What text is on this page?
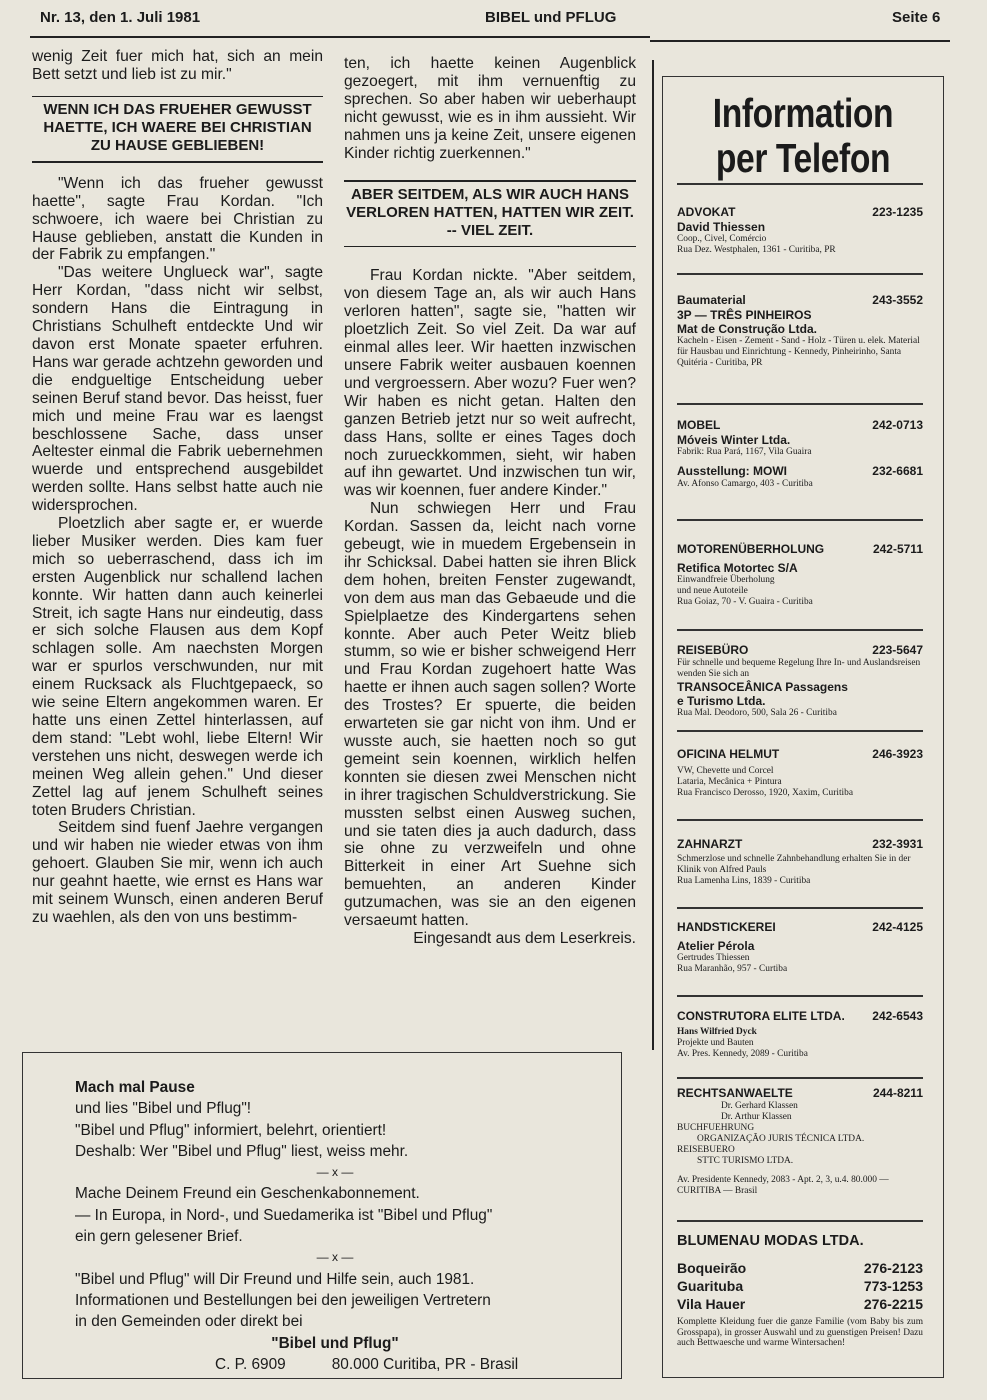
Nr. 13, den 1. Juli 1981	BIBEL und PFLUG	Seite 6

wenig Zeit fuer mich hat, sich an mein Bett setzt und lieb ist zu mir."

WENN ICH DAS FRUEHER GEWUSST HAETTE, ICH WAERE BEI CHRISTIAN ZU HAUSE GEBLIEBEN!

"Wenn ich das frueher gewusst haette", sagte Frau Kordan. "Ich schwoere, ich waere bei Christian zu Hause geblieben, anstatt die Kunden in der Fabrik zu empfangen."

"Das weitere Unglueck war", sagte Herr Kordan, "dass nicht wir selbst, sondern Hans die Eintragung in Christians Schulheft entdeckte Und wir davon erst Monate spaeter erfuhren. Hans war gerade achtzehn geworden und die endgueltige Entscheidung ueber seinen Beruf stand bevor. Das heisst, fuer mich und meine Frau war es laengst beschlossene Sache, dass unser Aeltester einmal die Fabrik uebernehmen wuerde und entsprechend ausgebildet werden sollte. Hans selbst hatte auch nie widersprochen.

Ploetzlich aber sagte er, er wuerde lieber Musiker werden. Dies kam fuer mich so ueberraschend, dass ich im ersten Augenblick nur schallend lachen konnte. Wir hatten dann auch keinerlei Streit, ich sagte Hans nur eindeutig, dass er sich solche Flausen aus dem Kopf schlagen solle. Am naechsten Morgen war er spurlos verschwunden, nur mit einem Rucksack als Fluchtgepaeck, so wie seine Eltern angekommen waren. Er hatte uns einen Zettel hinterlassen, auf dem stand: "Lebt wohl, liebe Eltern! Wir verstehen uns nicht, deswegen werde ich meinen Weg allein gehen." Und dieser Zettel lag auf jenem Schulheft seines toten Bruders Christian.

Seitdem sind fuenf Jaehre vergangen und wir haben nie wieder etwas von ihm gehoert. Glauben Sie mir, wenn ich auch nur geahnt haette, wie ernst es Hans war mit seinem Wunsch, einen anderen Beruf zu waehlen, als den von uns bestimm-

ten, ich haette keinen Augenblick gezoegert, mit ihm vernuenftig zu sprechen. So aber haben wir ueberhaupt nicht gewusst, wie es in ihm aussieht. Wir nahmen uns ja keine Zeit, unsere eigenen Kinder richtig zuerkennen."

ABER SEITDEM, ALS WIR AUCH HANS VERLOREN HATTEN, HATTEN WIR ZEIT. -- VIEL ZEIT.

Frau Kordan nickte. "Aber seitdem, von diesem Tage an, als wir auch Hans verloren hatten", sagte sie, "hatten wir ploetzlich Zeit. So viel Zeit. Da war auf einmal alles leer. Wir haetten inzwischen unsere Fabrik weiter ausbauen koennen und vergroessern. Aber wozu? Fuer wen? Wir haben es nicht getan. Halten den ganzen Betrieb jetzt nur so weit aufrecht, dass Hans, sollte er eines Tages doch noch zurueckkommen, sieht, wir haben auf ihn gewartet. Und inzwischen tun wir, was wir koennen, fuer andere Kinder."

Nun schwiegen Herr und Frau Kordan. Sassen da, leicht nach vorne gebeugt, wie in muedem Ergebensein in ihr Schicksal. Dabei hatten sie ihren Blick dem hohen, breiten Fenster zugewandt, von dem aus man das Gebaeude und die Spielplaetze des Kindergartens sehen konnte. Aber auch Peter Weitz blieb stumm, so wie er bisher schweigend Herr und Frau Kordan zugehoert hatte Was haette er ihnen auch sagen sollen? Worte des Trostes? Er spuerte, die beiden erwarteten sie gar nicht von ihm. Und er wusste auch, sie haetten noch so gut gemeint sein koennen, wirklich helfen konnten sie diesen zwei Menschen nicht in ihrer tragischen Schuldverstrickung. Sie mussten selbst einen Ausweg suchen, und sie taten dies ja auch dadurch, dass sie ohne zu verzweifeln und ohne Bitterkeit in einer Art Suehne sich bemuehten, an anderen Kinder gutzumachen, was sie an den eigenen versaeumt hatten.

Eingesandt aus dem Leserkreis.

Mach mal Pause

und lies "Bibel und Pflug"!

"Bibel und Pflug" informiert, belehrt, orientiert!

Deshalb: Wer "Bibel und Pflug" liest, weiss mehr.

— x —

Mache Deinem Freund ein Geschenkabonnement.

— In Europa, in Nord-, und Suedamerika ist "Bibel und Pflug"

ein gern gelesener Brief.

— x —

"Bibel und Pflug" will Dir Freund und Hilfe sein, auch 1981.

Informationen und Bestellungen bei den jeweiligen Vertretern

in den Gemeinden oder direkt bei

"Bibel und Pflug"

C. P. 6909	80.000 Curitiba, PR - Brasil

Information
per Telefon
ADVOKAT	223-1235
David Thiessen
Coop., Civel, Comércio
Rua Dez. Westphalen, 1361 - Curitiba, PR
Baumaterial	243-3552
3P — TRÊS PINHEIROS
Mat de Construção Ltda.
Kacheln - Eisen - Zement - Sand - Holz - Türen u. elek. Material für Hausbau und Einrichtung - Kennedy, Pinheirinho, Santa Quitéria - Curitiba, PR
MOBEL	242-0713
Móveis Winter Ltda.
Fabrik: Rua Pará, 1167, Vila Guaira
Ausstellung: MOWI	232-6681
Av. Afonso Camargo, 403 - Curitiba
MOTORENÜBERHOLUNG	242-5711
Retifica Motortec S/A
Einwandfreie Überholung
und neue Autoteile
Rua Goiaz, 70 - V. Guaira - Curitiba
REISEBÜRO	223-5647
Für schnelle und bequeme Regelung Ihre In- und Auslandsreisen wenden Sie sich an
TRANSOCEÂNICA Passagens
e Turismo Ltda.
Rua Mal. Deodoro, 500, Sala 26 - Curitiba
OFICINA HELMUT	246-3923
VW, Chevette und Corcel
Lataria, Mecânica + Pintura
Rua Francisco Derosso, 1920, Xaxim, Curitiba
ZAHNARZT	232-3931
Schmerzlose und schnelle Zahnbehandlung erhalten Sie in der Klinik von Alfred Pauls
Rua Lamenha Lins, 1839 - Curitiba
HANDSTICKEREI	242-4125
Atelier Pérola
Gertrudes Thiessen
Rua Maranhão, 957 - Curtiba
CONSTRUTORA ELITE LTDA. 242-6543
Hans Wilfried Dyck
Projekte und Bauten
Av. Pres. Kennedy, 2089 - Curitiba
RECHTSANWAELTE	244-8211
Dr. Gerhard Klassen
Dr. Arthur Klassen
BUCHFUEHRUNG
ORGANIZAÇÃO JURIS TÉCNICA LTDA.
REISEBUERO
STTC TURISMO LTDA.
Av. Presidente Kennedy, 2083 - Apt. 2, 3, u.4. 80.000 — CURITIBA — Brasil
BLUMENAU MODAS LTDA.
Boqueirão	276-2123
Guarituba	773-1253
Vila Hauer	276-2215
Komplette Kleidung fuer die ganze Familie (vom Baby bis zum Grosspapa), in grosser Auswahl und zu guenstigen Preisen! Dazu auch Bettwaesche und warme Wintersachen!
